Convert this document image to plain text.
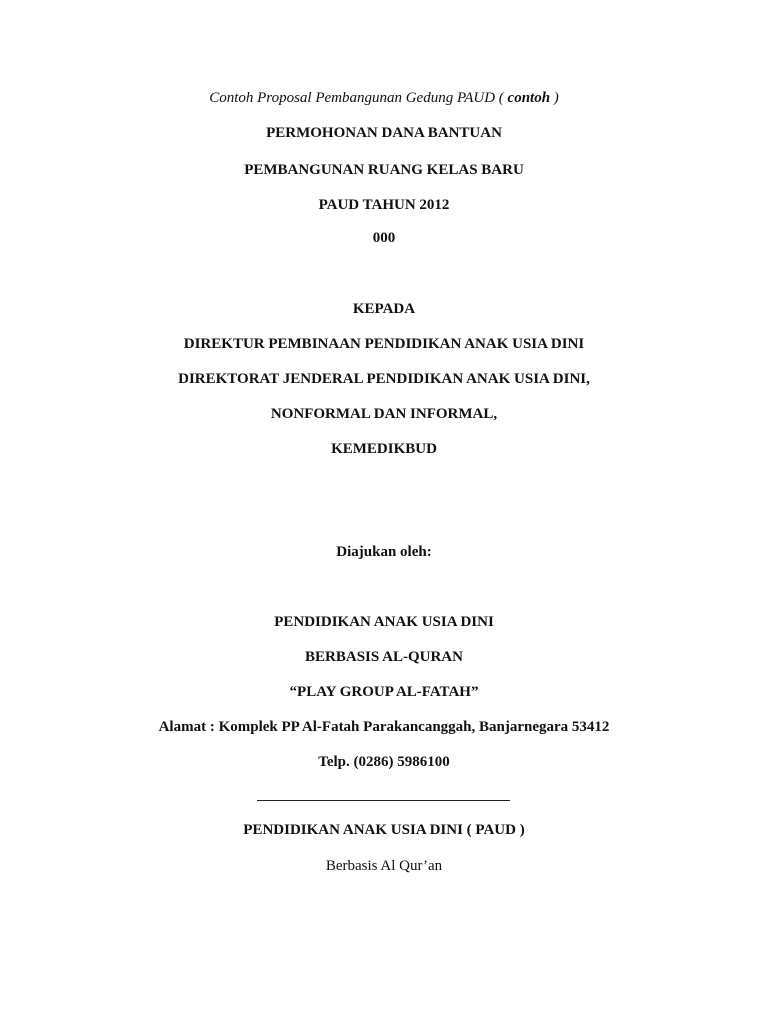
Contoh Proposal Pembangunan Gedung PAUD ( contoh )
PERMOHONAN DANA BANTUAN
PEMBANGUNAN RUANG KELAS BARU
PAUD TAHUN 2012
000
KEPADA
DIREKTUR PEMBINAAN PENDIDIKAN ANAK USIA DINI
DIREKTORAT JENDERAL PENDIDIKAN ANAK USIA DINI,
NONFORMAL DAN INFORMAL,
KEMEDIKBUD
Diajukan oleh:
PENDIDIKAN ANAK USIA DINI
BERBASIS AL-QURAN
“PLAY GROUP AL-FATAH”
Alamat : Komplek PP Al-Fatah Parakancanggah, Banjarnegara 53412
Telp. (0286) 5986100
PENDIDIKAN ANAK USIA DINI ( PAUD )
Berbasis Al Qur’an
